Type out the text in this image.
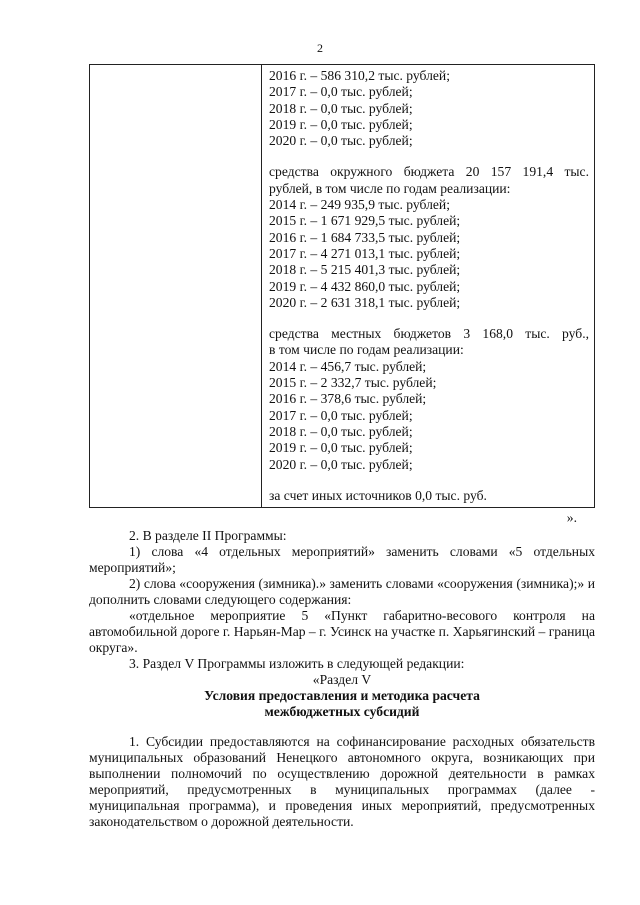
2
2016 г. – 586 310,2 тыс. рублей;
2017 г. – 0,0 тыс. рублей;
2018 г. – 0,0 тыс. рублей;
2019 г. – 0,0 тыс. рублей;
2020 г. – 0,0 тыс. рублей;
средства окружного бюджета 20 157 191,4 тыс.
рублей, в том числе по годам реализации:
2014 г. – 249 935,9 тыс. рублей;
2015 г. – 1 671 929,5 тыс. рублей;
2016 г. – 1 684 733,5 тыс. рублей;
2017 г. – 4 271 013,1 тыс. рублей;
2018 г. – 5 215 401,3 тыс. рублей;
2019 г. – 4 432 860,0 тыс. рублей;
2020 г. – 2 631 318,1 тыс. рублей;
средства местных бюджетов 3 168,0 тыс. руб.,
в том числе по годам реализации:
2014 г. – 456,7 тыс. рублей;
2015 г. – 2 332,7 тыс. рублей;
2016 г. – 378,6 тыс. рублей;
2017 г. – 0,0 тыс. рублей;
2018 г. – 0,0 тыс. рублей;
2019 г. – 0,0 тыс. рублей;
2020 г. – 0,0 тыс. рублей;
за счет иных источников 0,0 тыс. руб.
».
2. В разделе II Программы:
1) слова «4 отдельных мероприятий» заменить словами «5 отдельных мероприятий»;
2) слова «сооружения (зимника).» заменить словами «сооружения (зимника);» и дополнить словами следующего содержания:
«отдельное мероприятие 5 «Пункт габаритно-весового контроля на автомобильной дороге г. Нарьян-Мар – г. Усинск на участке п. Харьягинский – граница округа».
3. Раздел V Программы изложить в следующей редакции:
«Раздел V
Условия предоставления и методика расчета
межбюджетных субсидий
1. Субсидии предоставляются на софинансирование расходных обязательств муниципальных образований Ненецкого автономного округа, возникающих при выполнении полномочий по осуществлению дорожной деятельности в рамках мероприятий, предусмотренных в муниципальных программах (далее - муниципальная программа), и проведения иных мероприятий, предусмотренных законодательством о дорожной деятельности.
